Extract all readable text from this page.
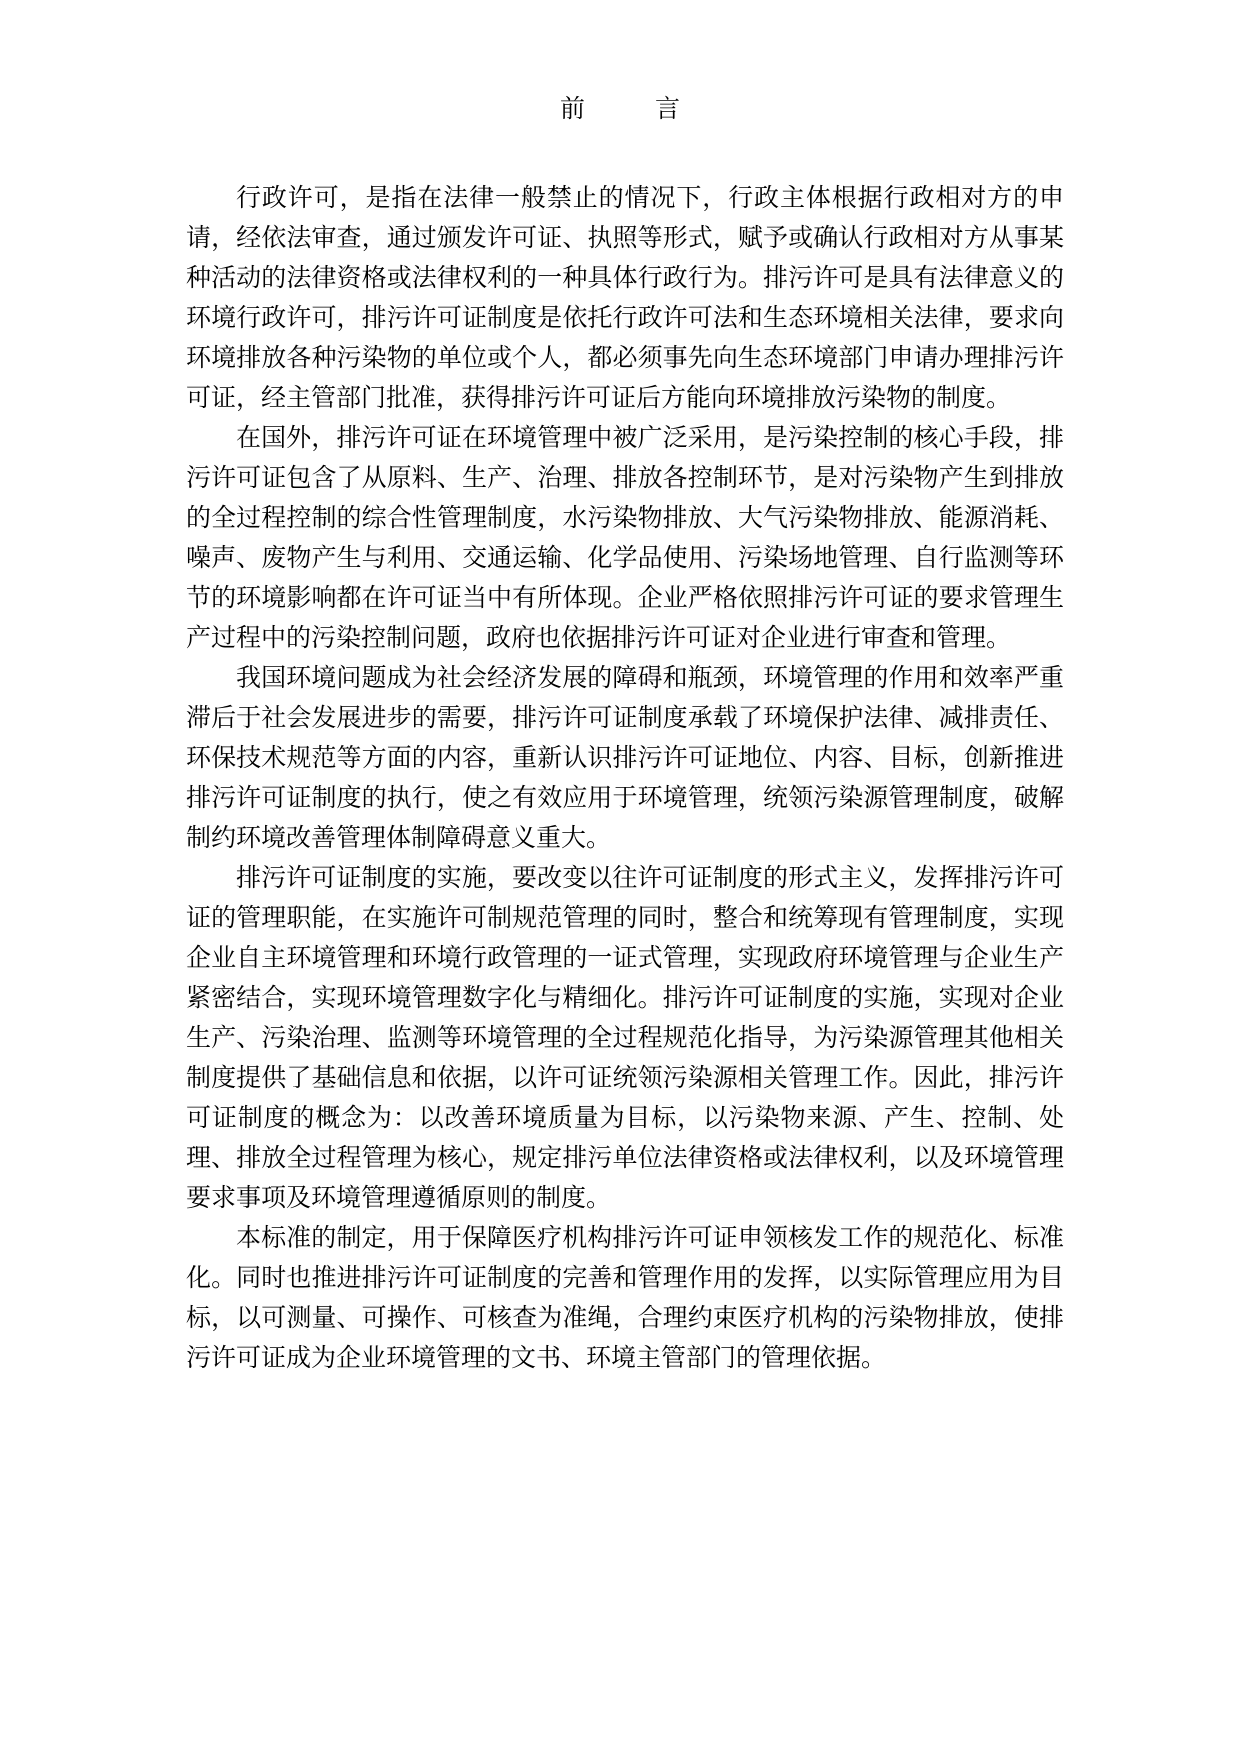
前　言

行政许可，是指在法律一般禁止的情况下，行政主体根据行政相对方的申请，经依法审查，通过颁发许可证、执照等形式，赋予或确认行政相对方从事某种活动的法律资格或法律权利的一种具体行政行为。排污许可是具有法律意义的环境行政许可，排污许可证制度是依托行政许可法和生态环境相关法律，要求向环境排放各种污染物的单位或个人，都必须事先向生态环境部门申请办理排污许可证，经主管部门批准，获得排污许可证后方能向环境排放污染物的制度。

在国外，排污许可证在环境管理中被广泛采用，是污染控制的核心手段，排污许可证包含了从原料、生产、治理、排放各控制环节，是对污染物产生到排放的全过程控制的综合性管理制度，水污染物排放、大气污染物排放、能源消耗、噪声、废物产生与利用、交通运输、化学品使用、污染场地管理、自行监测等环节的环境影响都在许可证当中有所体现。企业严格依照排污许可证的要求管理生产过程中的污染控制问题，政府也依据排污许可证对企业进行审查和管理。

我国环境问题成为社会经济发展的障碍和瓶颈，环境管理的作用和效率严重滞后于社会发展进步的需要，排污许可证制度承载了环境保护法律、减排责任、环保技术规范等方面的内容，重新认识排污许可证地位、内容、目标，创新推进排污许可证制度的执行，使之有效应用于环境管理，统领污染源管理制度，破解制约环境改善管理体制障碍意义重大。

排污许可证制度的实施，要改变以往许可证制度的形式主义，发挥排污许可证的管理职能，在实施许可制规范管理的同时，整合和统筹现有管理制度，实现企业自主环境管理和环境行政管理的一证式管理，实现政府环境管理与企业生产紧密结合，实现环境管理数字化与精细化。排污许可证制度的实施，实现对企业生产、污染治理、监测等环境管理的全过程规范化指导，为污染源管理其他相关制度提供了基础信息和依据，以许可证统领污染源相关管理工作。因此，排污许可证制度的概念为：以改善环境质量为目标，以污染物来源、产生、控制、处理、排放全过程管理为核心，规定排污单位法律资格或法律权利，以及环境管理要求事项及环境管理遵循原则的制度。

本标准的制定，用于保障医疗机构排污许可证申领核发工作的规范化、标准化。同时也推进排污许可证制度的完善和管理作用的发挥，以实际管理应用为目标，以可测量、可操作、可核查为准绳，合理约束医疗机构的污染物排放，使排污许可证成为企业环境管理的文书、环境主管部门的管理依据。
